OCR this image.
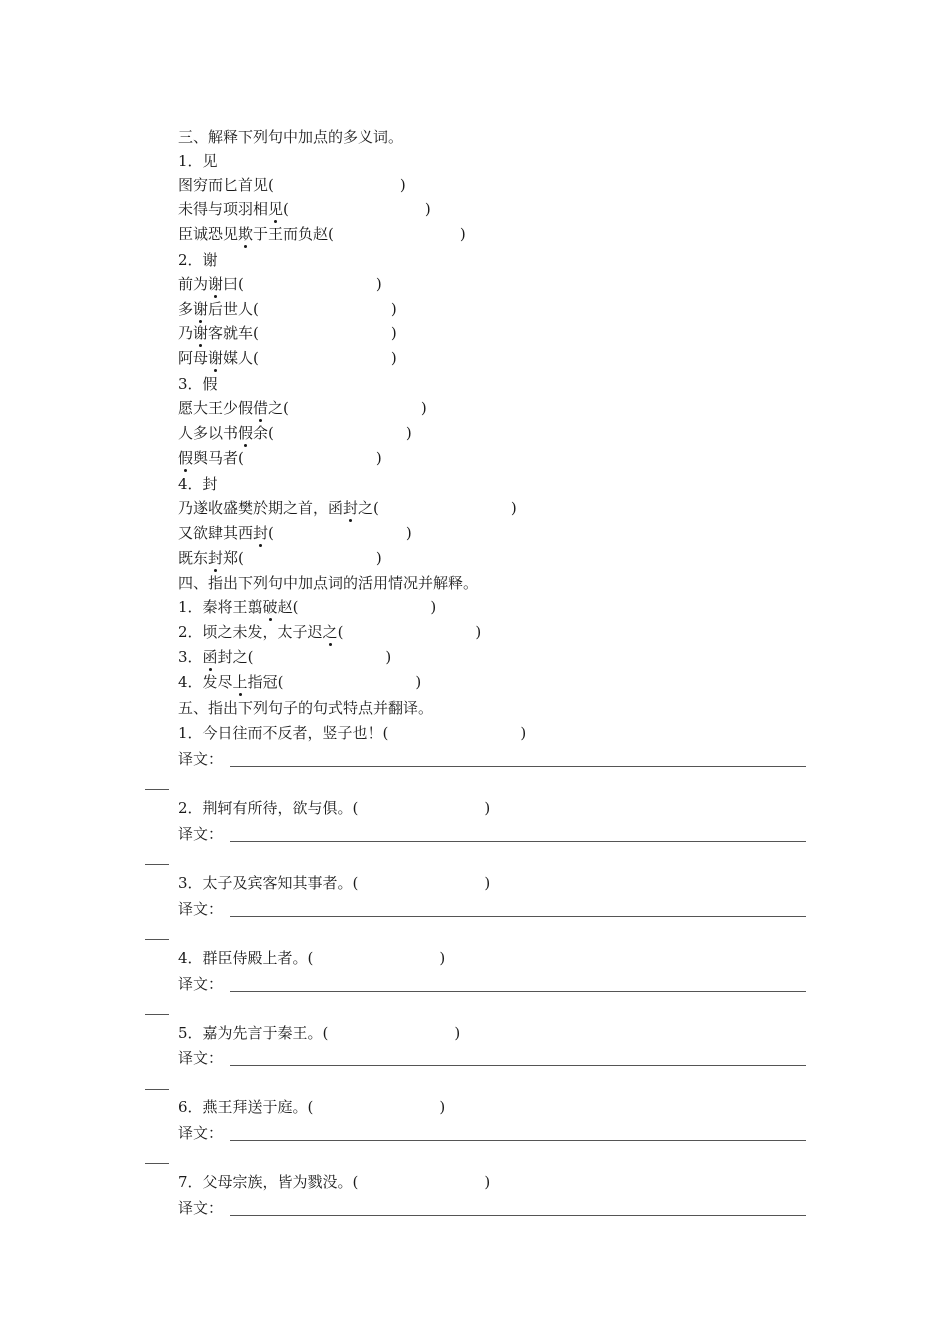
三、解释下列句中加点的多义词。
1．见
图穷而匕首见(	)
未得与项羽相见(	)
臣诚恐见欺于王而负赵(	)
2．谢
前为谢曰(	)
多谢后世人(	)
乃谢客就车(	)
阿母谢媒人(	)
3．假
愿大王少假借之(	)
人多以书假余(	)
假舆马者(	)
4．封
乃遂收盛樊於期之首，函封之(	)
又欲肆其西封(	)
既东封郑(	)
四、指出下列句中加点词的活用情况并解释。
1．秦将王翦破赵(	)
2．顷之未发，太子迟之(	)
3．函封之(	)
4．发尽上指冠(	)
五、指出下列句子的句式特点并翻译。
1．今日往而不反者，竖子也！(	)
译文：
2．荆轲有所待，欲与俱。(	)
译文：
3．太子及宾客知其事者。(	)
译文：
4．群臣侍殿上者。(	)
译文：
5．嘉为先言于秦王。(	)
译文：
6．燕王拜送于庭。(	)
译文：
7．父母宗族，皆为戮没。(	)
译文：
